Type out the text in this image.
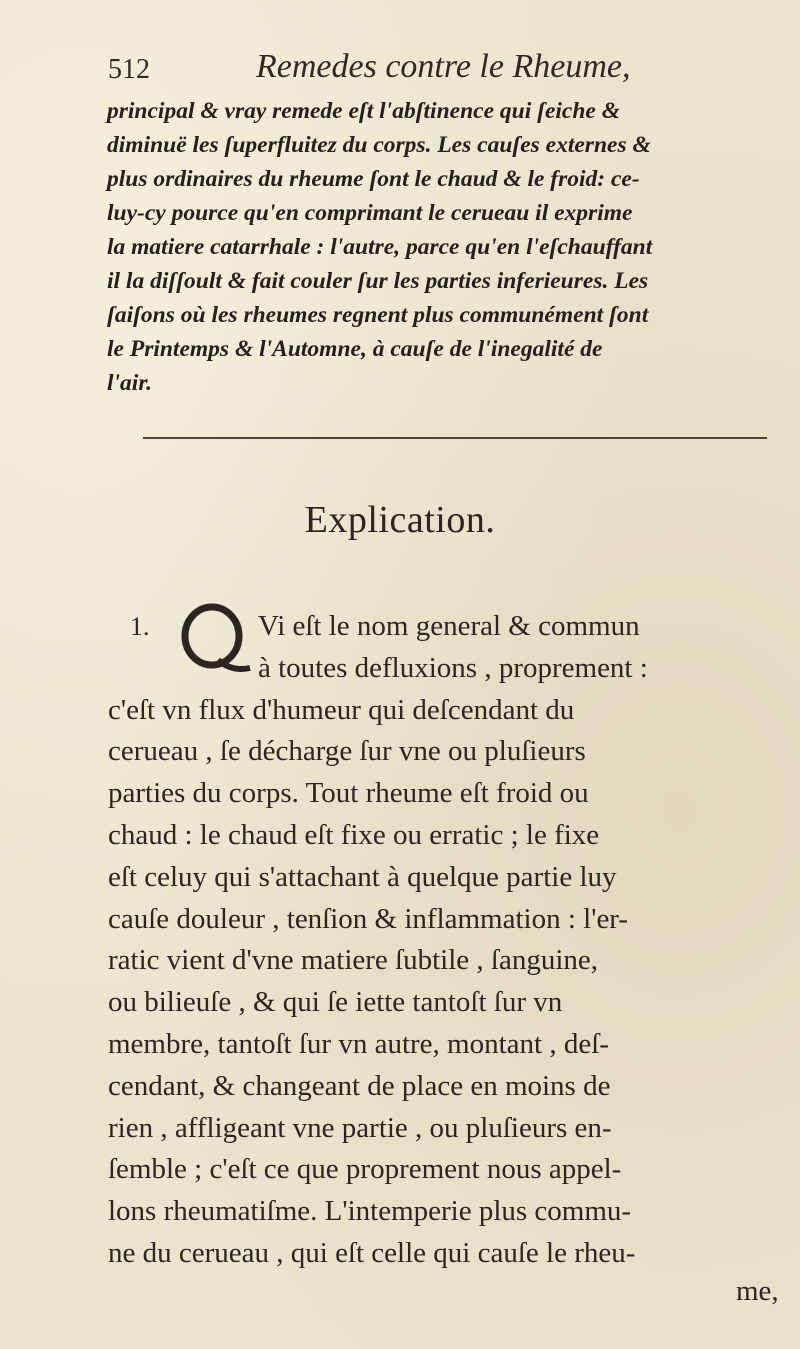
512	Remedes contre le Rheume,
principal & vray remede eſt l'abſtinence qui ſeiche &
diminuë les ſuperfluitez du corps. Les cauſes externes &
plus ordinaires du rheume ſont le chaud & le froid: ce-
luy-cy pource qu'en comprimant le cerueau il exprime
la matiere catarrhale : l'autre, parce qu'en l'eſchauffant
il la diſſoult & fait couler ſur les parties inferieures. Les
ſaiſons où les rheumes regnent plus communément ſont
le Printemps & l'Automne, à cauſe de l'inegalité de
l'air.
Explication.
1.	Vi eſt le nom general & commun
à toutes defluxions , proprement :
c'eſt vn flux d'humeur qui deſcendant du
cerueau , ſe décharge ſur vne ou pluſieurs
parties du corps. Tout rheume eſt froid ou
chaud : le chaud eſt fixe ou erratic ; le fixe
eſt celuy qui s'attachant à quelque partie luy
cauſe douleur , tenſion & inflammation : l'er-
ratic vient d'vne matiere ſubtile , ſanguine,
ou bilieuſe , & qui ſe iette tantoſt ſur vn
membre, tantoſt ſur vn autre, montant , deſ-
cendant, & changeant de place en moins de
rien , affligeant vne partie , ou pluſieurs en-
ſemble ; c'eſt ce que proprement nous appel-
lons rheumatiſme. L'intemperie plus commu-
ne du cerueau , qui eſt celle qui cauſe le rheu-
me,
